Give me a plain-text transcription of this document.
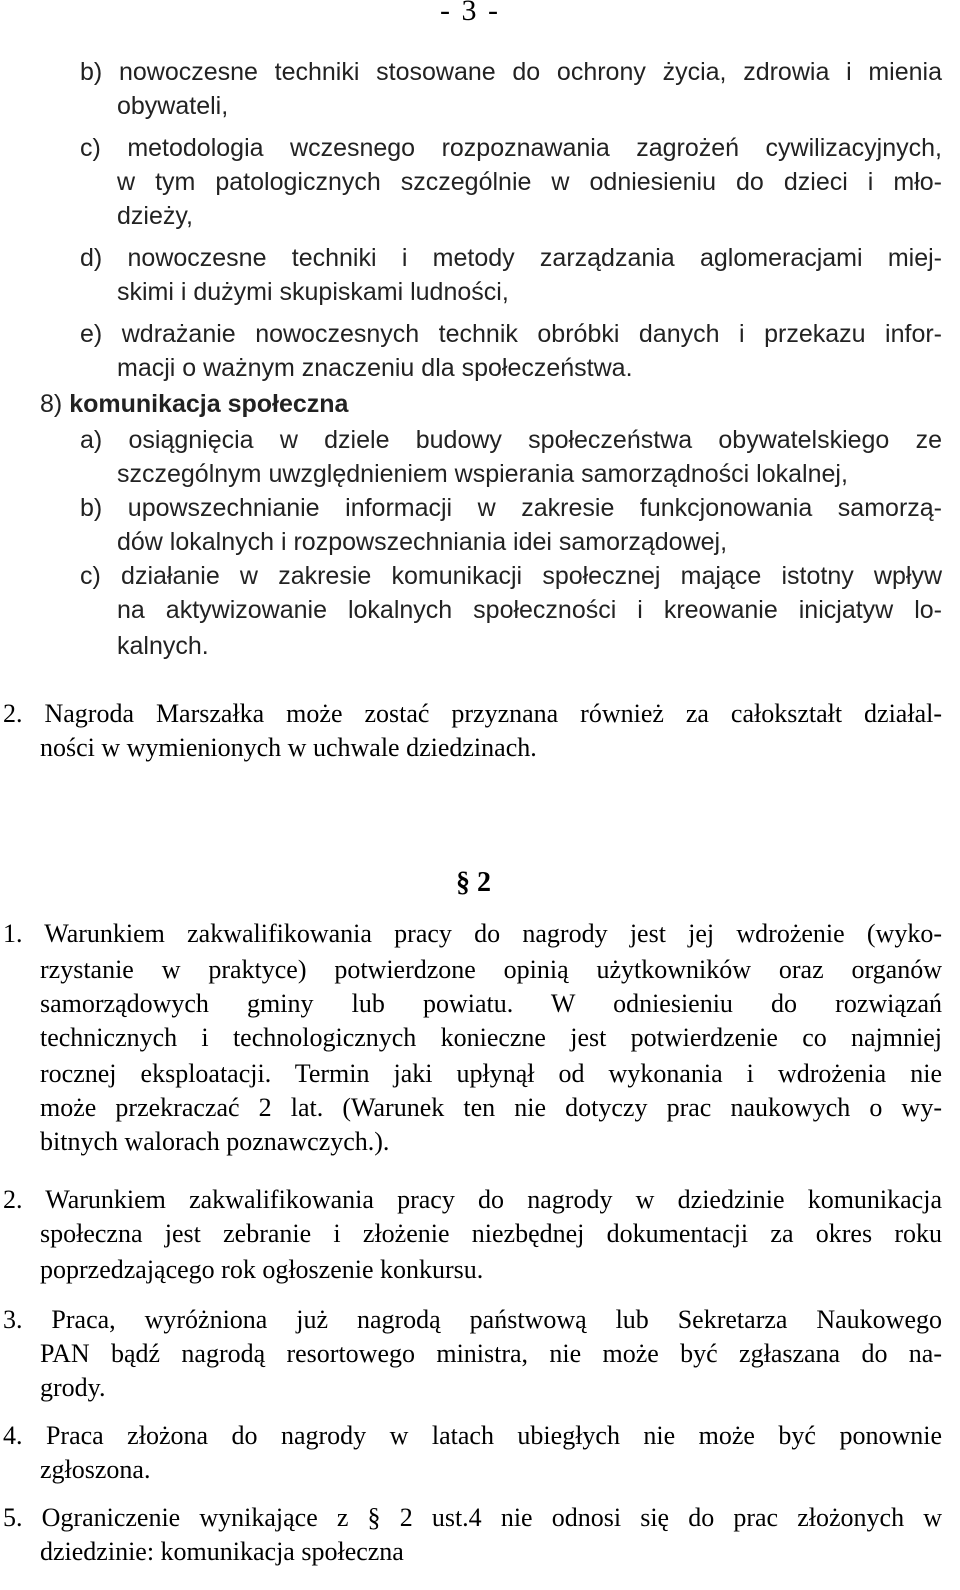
- 3 -

b) nowoczesne techniki stosowane do ochrony życia, zdrowia i mienia

obywateli,

c) metodologia wczesnego rozpoznawania zagrożeń cywilizacyjnych,

w tym patologicznych szczególnie w odniesieniu do dzieci i mło-

dzieży,

d) nowoczesne techniki i metody zarządzania aglomeracjami miej-

skimi i dużymi skupiskami ludności,

e) wdrażanie nowoczesnych technik obróbki danych i przekazu infor-

macji o ważnym znaczeniu dla społeczeństwa.

8) komunikacja społeczna

a) osiągnięcia w dziele budowy społeczeństwa obywatelskiego ze

szczególnym uwzględnieniem wspierania samorządności lokalnej,

b) upowszechnianie informacji w zakresie funkcjonowania samorzą-

dów lokalnych i rozpowszechniania idei samorządowej,

c) działanie w zakresie komunikacji społecznej mające istotny wpływ

na aktywizowanie lokalnych społeczności i kreowanie inicjatyw lo-

kalnych.

2. Nagroda Marszałka może zostać przyznana również za całokształt działal-

ności w wymienionych w uchwale dziedzinach.

§ 2

1. Warunkiem zakwalifikowania pracy do nagrody jest jej wdrożenie (wyko-

rzystanie w praktyce) potwierdzone opinią użytkowników oraz organów

samorządowych gminy lub powiatu. W odniesieniu do rozwiązań

technicznych i technologicznych konieczne jest potwierdzenie co najmniej

rocznej eksploatacji. Termin jaki upłynął od wykonania i wdrożenia nie

może przekraczać 2 lat. (Warunek ten nie dotyczy prac naukowych o wy-

bitnych walorach poznawczych.).

2. Warunkiem zakwalifikowania pracy do nagrody w dziedzinie komunikacja

społeczna jest zebranie i złożenie niezbędnej dokumentacji za okres roku

poprzedzającego rok ogłoszenie konkursu.

3. Praca, wyróżniona już nagrodą państwową lub Sekretarza Naukowego

PAN bądź nagrodą resortowego ministra, nie może być zgłaszana do na-

grody.

4. Praca złożona do nagrody w latach ubiegłych nie może być ponownie

zgłoszona.

5. Ograniczenie wynikające z § 2 ust.4 nie odnosi się do prac złożonych w

dziedzinie: komunikacja społeczna
